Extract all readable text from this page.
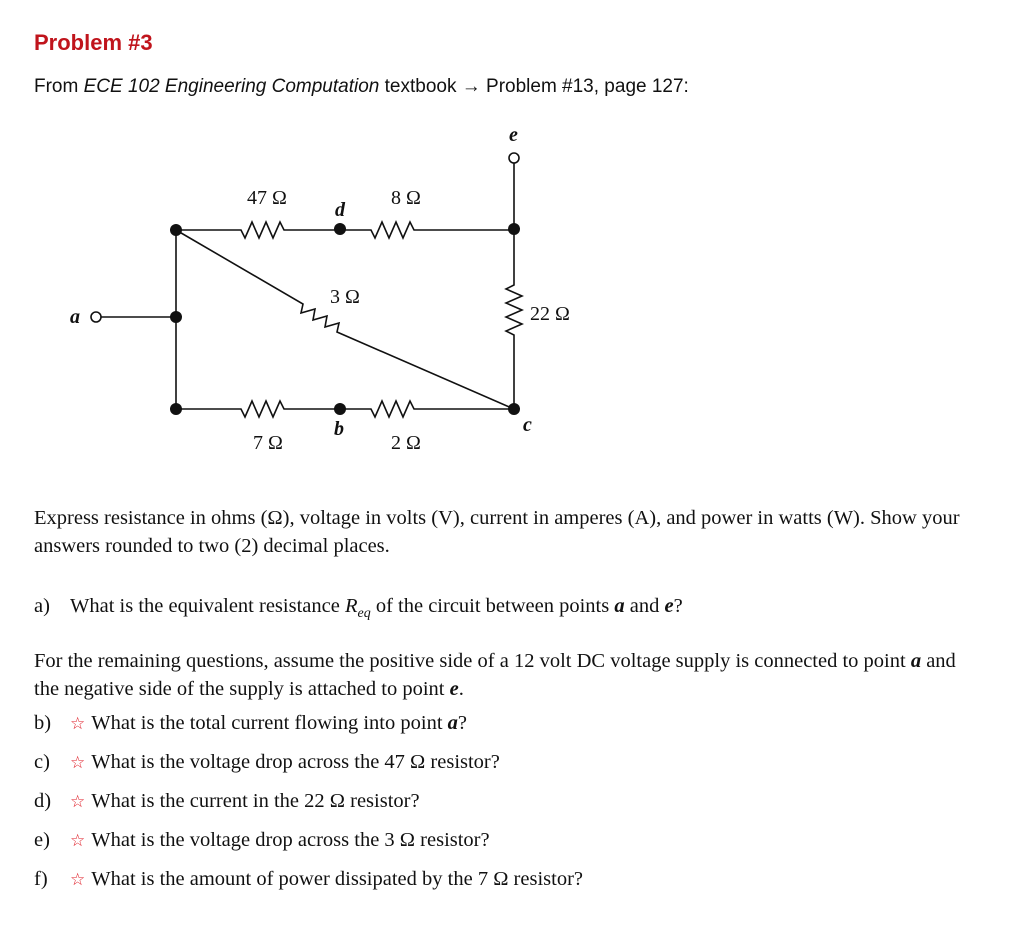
Problem #3
From ECE 102 Engineering Computation textbook → Problem #13, page 127:
47 Ω	8 Ω
3 Ω
22 Ω
7 Ω	2 Ω
e
d
a
b	c
Express resistance in ohms (Ω), voltage in volts (V), current in amperes (A), and power in watts (W). Show your answers rounded to two (2) decimal places.
a) What is the equivalent resistance $R_{eq}$ of the circuit between points a and e?
For the remaining questions, assume the positive side of a 12 volt DC voltage supply is connected to point a and the negative side of the supply is attached to point e.
b) ☆ What is the total current flowing into point a?
c) ☆ What is the voltage drop across the 47 Ω resistor?
d) ☆ What is the current in the 22 Ω resistor?
e) ☆ What is the voltage drop across the 3 Ω resistor?
f) ☆ What is the amount of power dissipated by the 7 Ω resistor?
